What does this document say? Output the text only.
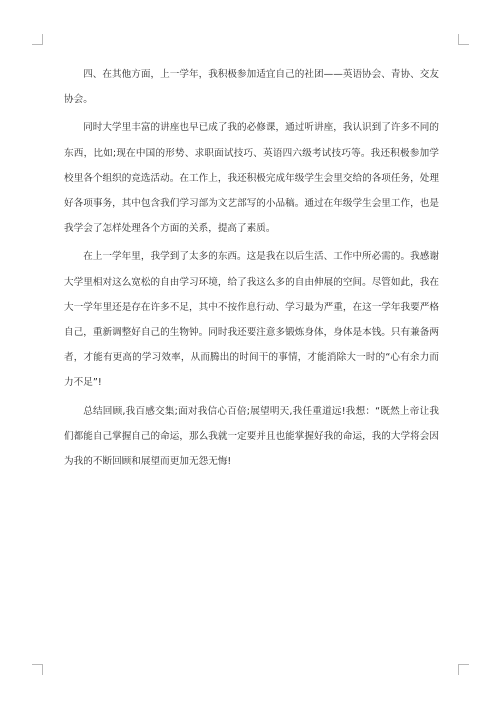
四、在其他方面，上一学年，我积极参加适宜自己的社团——英语协会、青协、交友协会。

同时大学里丰富的讲座也早已成了我的必修课，通过听讲座，我认识到了许多不同的东西，比如;现在中国的形势、求职面试技巧、英语四六级考试技巧等。我还积极参加学校里各个组织的竞选活动。在工作上，我还积极完成年级学生会里交给的各项任务，处理好各项事务，其中包含我们学习部为文艺部写的小品稿。通过在年级学生会里工作，也是我学会了怎样处理各个方面的关系，提高了素质。

在上一学年里，我学到了太多的东西。这是我在以后生活、工作中所必需的。我感谢大学里相对这么宽松的自由学习环境，给了我这么多的自由伸展的空间。尽管如此，我在大一学年里还是存在许多不足，其中不按作息行动、学习最为严重，在这一学年我要严格自己，重新调整好自己的生物钟。同时我还要注意多锻炼身体，身体是本钱。只有兼备两者，才能有更高的学习效率，从而腾出的时间干的事情，才能消除大一时的“心有余力而力不足”!

总结回顾,我百感交集;面对我信心百倍;展望明天,我任重道远!我想：“既然上帝让我们都能自己掌握自己的命运，那么我就一定要并且也能掌握好我的命运，我的大学将会因为我的不断回顾和展望而更加无怨无悔!
